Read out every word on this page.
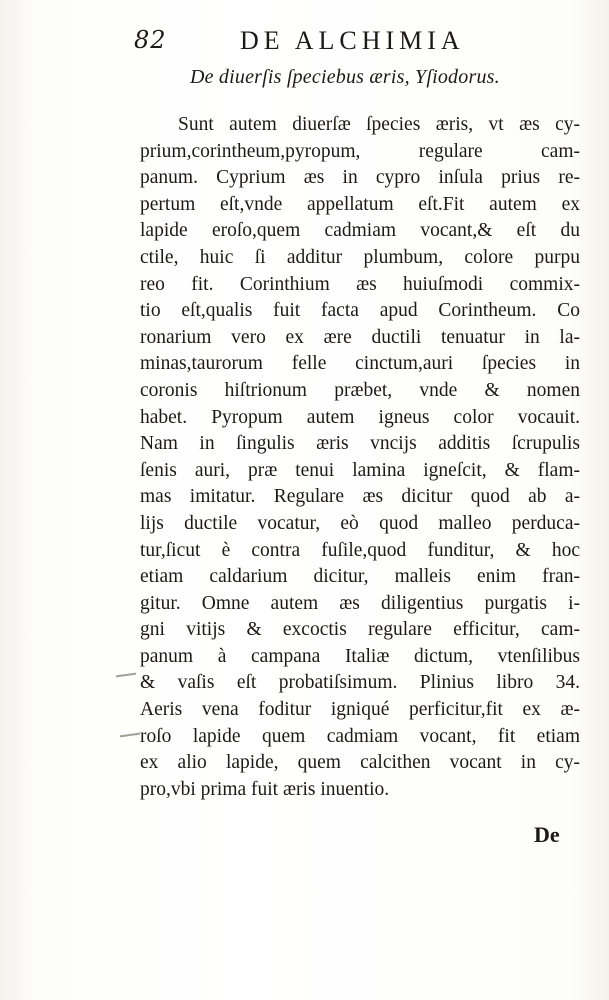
82	DE ALCHIMIA
De diuerſis ſpeciebus æris, Yſiodorus.
Sunt autem diuerſæ ſpecies æris, vt æs cy-
prium,corintheum,pyropum, regulare cam-
panum. Cyprium æs in cypro inſula prius re-
pertum eſt,vnde appellatum eſt.Fit autem ex
lapide eroſo,quem cadmiam vocant,& eſt du
ctile, huic ſi additur plumbum, colore purpu
reo fit. Corinthium æs huiuſmodi commix-
tio eſt,qualis fuit facta apud Corintheum. Co
ronarium vero ex ære ductili tenuatur in la-
minas,taurorum felle cinctum,auri ſpecies in
coronis hiſtrionum præbet, vnde & nomen
habet. Pyropum autem igneus color vocauit.
Nam in ſingulis æris vncijs additis ſcrupulis
ſenis auri, præ tenui lamina igneſcit, & flam-
mas imitatur. Regulare æs dicitur quod ab a-
lijs ductile vocatur, eò quod malleo perduca-
tur,ſicut è contra fuſile,quod funditur, & hoc
etiam caldarium dicitur, malleis enim fran-
gitur. Omne autem æs diligentius purgatis i-
gni vitijs & excoctis regulare efficitur, cam-
panum à campana Italiæ dictum, vtenſilibus
& vaſis eſt probatiſsimum. Plinius libro 34.
Aeris vena foditur igniqué perficitur,fit ex æ-
roſo lapide quem cadmiam vocant, fit etiam
ex alio lapide, quem calcithen vocant in cy-
pro,vbi prima fuit æris inuentio.
De
